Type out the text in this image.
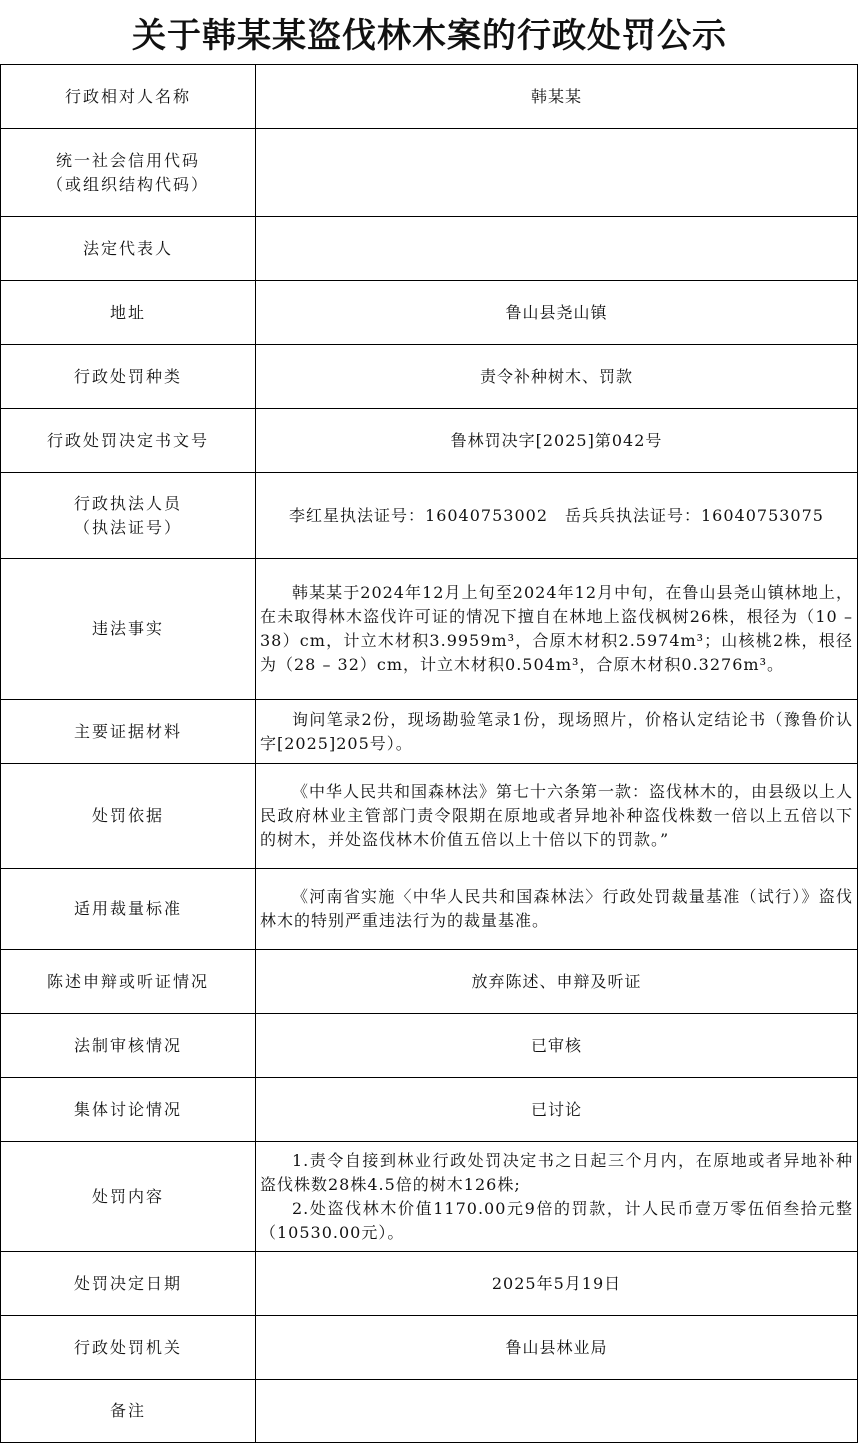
关于韩某某盗伐林木案的行政处罚公示
行政相对人名称	韩某某
统一社会信用代码
（或组织结构代码）	
法定代表人	
地址	鲁山县尧山镇
行政处罚种类	责令补种树木、罚款
行政处罚决定书文号	鲁林罚决字[2025]第042号
行政执法人员
（执法证号）	李红星执法证号：16040753002　岳兵兵执法证号：16040753075
违法事实	韩某某于2024年12月上旬至2024年12月中旬，在鲁山县尧山镇林地上，在未取得林木盗伐许可证的情况下擅自在林地上盗伐枫树26株，根径为（10 – 38）cm，计立木材积3.9959m³，合原木材积2.5974m³；山核桃2株，根径为（28 – 32）cm，计立木材积0.504m³，合原木材积0.3276m³。

主要证据材料	询问笔录2份，现场勘验笔录1份，现场照片，价格认定结论书（豫鲁价认字[2025]205号）。

处罚依据	《中华人民共和国森林法》第七十六条第一款：盗伐林木的，由县级以上人民政府林业主管部门责令限期在原地或者异地补种盗伐株数一倍以上五倍以下的树木，并处盗伐林木价值五倍以上十倍以下的罚款。”

适用裁量标准	《河南省实施〈中华人民共和国森林法〉行政处罚裁量基准（试行）》盗伐林木的特别严重违法行为的裁量基准。

陈述申辩或听证情况	放弃陈述、申辩及听证
法制审核情况	已审核
集体讨论情况	已讨论
处罚内容	1.责令自接到林业行政处罚决定书之日起三个月内，在原地或者异地补种盗伐株数28株4.5倍的树木126株;
2.处盗伐林木价值1170.00元9倍的罚款，计人民币壹万零伍佰叁拾元整（10530.00元）。

处罚决定日期	2025年5月19日
行政处罚机关	鲁山县林业局
备注	
